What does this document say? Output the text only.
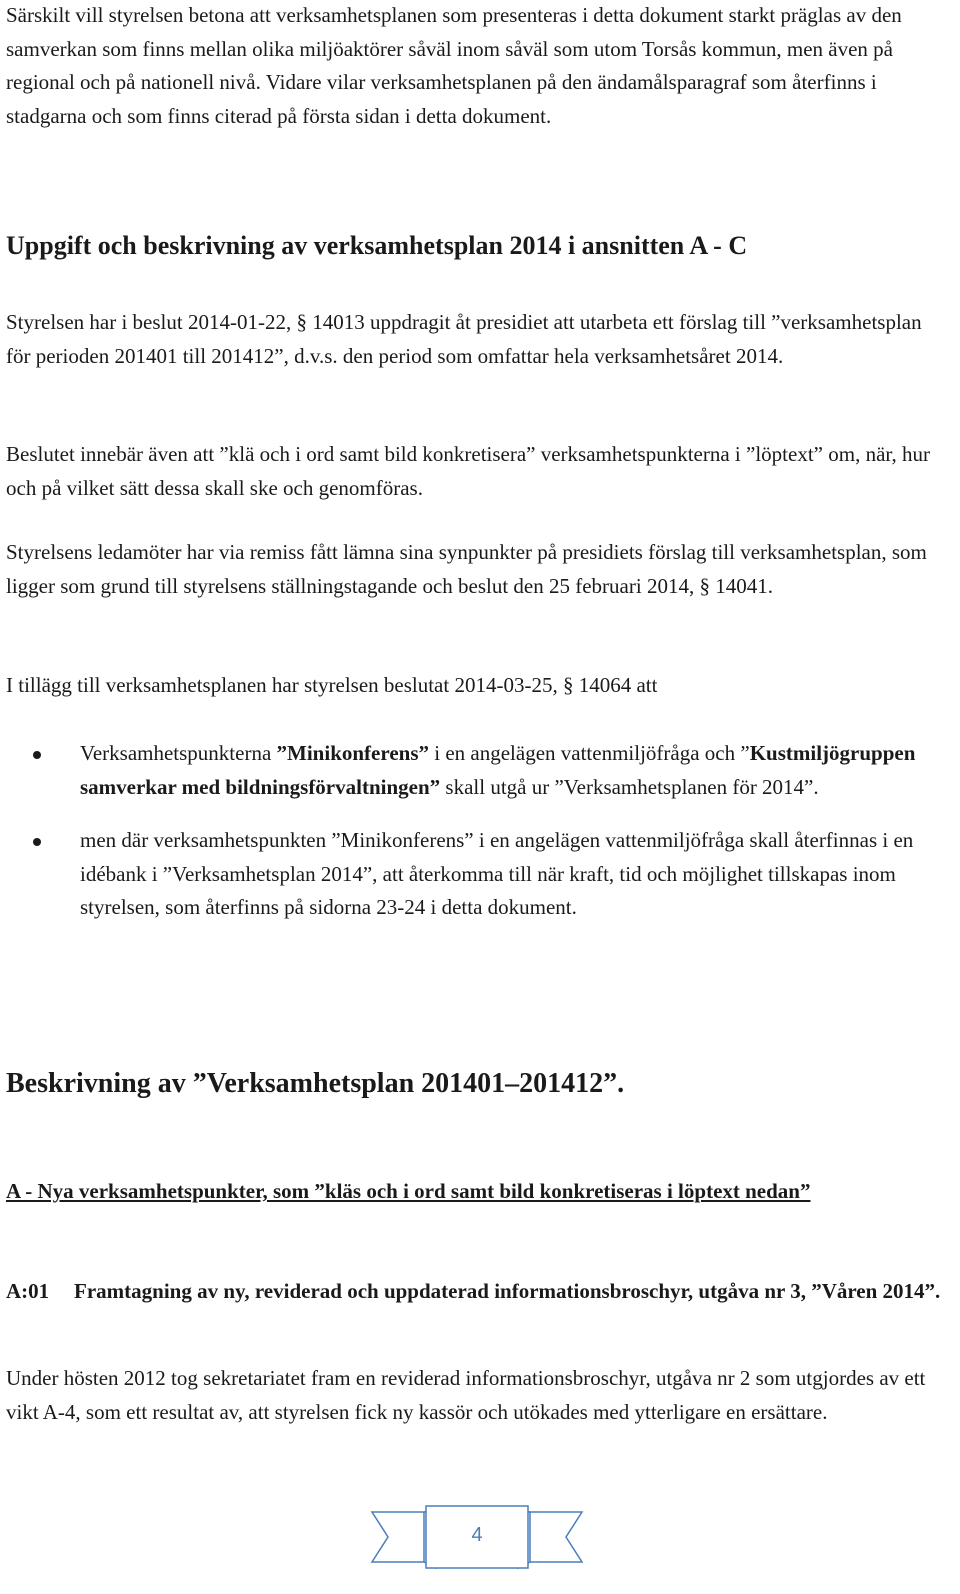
Särskilt vill styrelsen betona att verksamhetsplanen som presenteras i detta dokument starkt präglas av den samverkan som finns mellan olika miljöaktörer såväl inom såväl som utom Torsås kommun, men även på regional och på nationell nivå. Vidare vilar verksamhetsplanen på den ändamålsparagraf som återfinns i stadgarna och som finns citerad på första sidan i detta dokument.

Uppgift och beskrivning av verksamhetsplan 2014 i ansnitten A - C

Styrelsen har i beslut 2014-01-22, § 14013 uppdragit åt presidiet att utarbeta ett förslag till ”verksamhetsplan för perioden 201401 till 201412”, d.v.s. den period som omfattar hela verksamhetsåret 2014.

Beslutet innebär även att ”klä och i ord samt bild konkretisera” verksamhetspunkterna i ”löptext” om, när, hur och på vilket sätt dessa skall ske och genomföras.

Styrelsens ledamöter har via remiss fått lämna sina synpunkter på presidiets förslag till verksamhetsplan, som ligger som grund till styrelsens ställningstagande och beslut den 25 februari 2014, § 14041.

I tillägg till verksamhetsplanen har styrelsen beslutat 2014-03-25, § 14064 att

Verksamhetspunkterna ”Minikonferens” i en angelägen vattenmiljöfråga och ”Kustmiljögruppen samverkar med bildningsförvaltningen” skall utgå ur ”Verksamhetsplanen för 2014”.

men där verksamhetspunkten ”Minikonferens” i en angelägen vattenmiljöfråga skall återfinnas i en idébank i ”Verksamhetsplan 2014”, att återkomma till när kraft, tid och möjlighet tillskapas inom styrelsen, som återfinns på sidorna 23-24 i detta dokument.

Beskrivning av ”Verksamhetsplan 201401–201412”.
A - Nya verksamhetspunkter, som ”kläs och i ord samt bild konkretiseras i löptext nedan”
A:01 Framtagning av ny, reviderad och uppdaterad informationsbroschyr, utgåva nr 3, ”Våren 2014”.

Under hösten 2012 tog sekretariatet fram en reviderad informationsbroschyr, utgåva nr 2 som utgjordes av ett vikt A-4, som ett resultat av, att styrelsen fick ny kassör och utökades med ytterligare en ersättare.

4
